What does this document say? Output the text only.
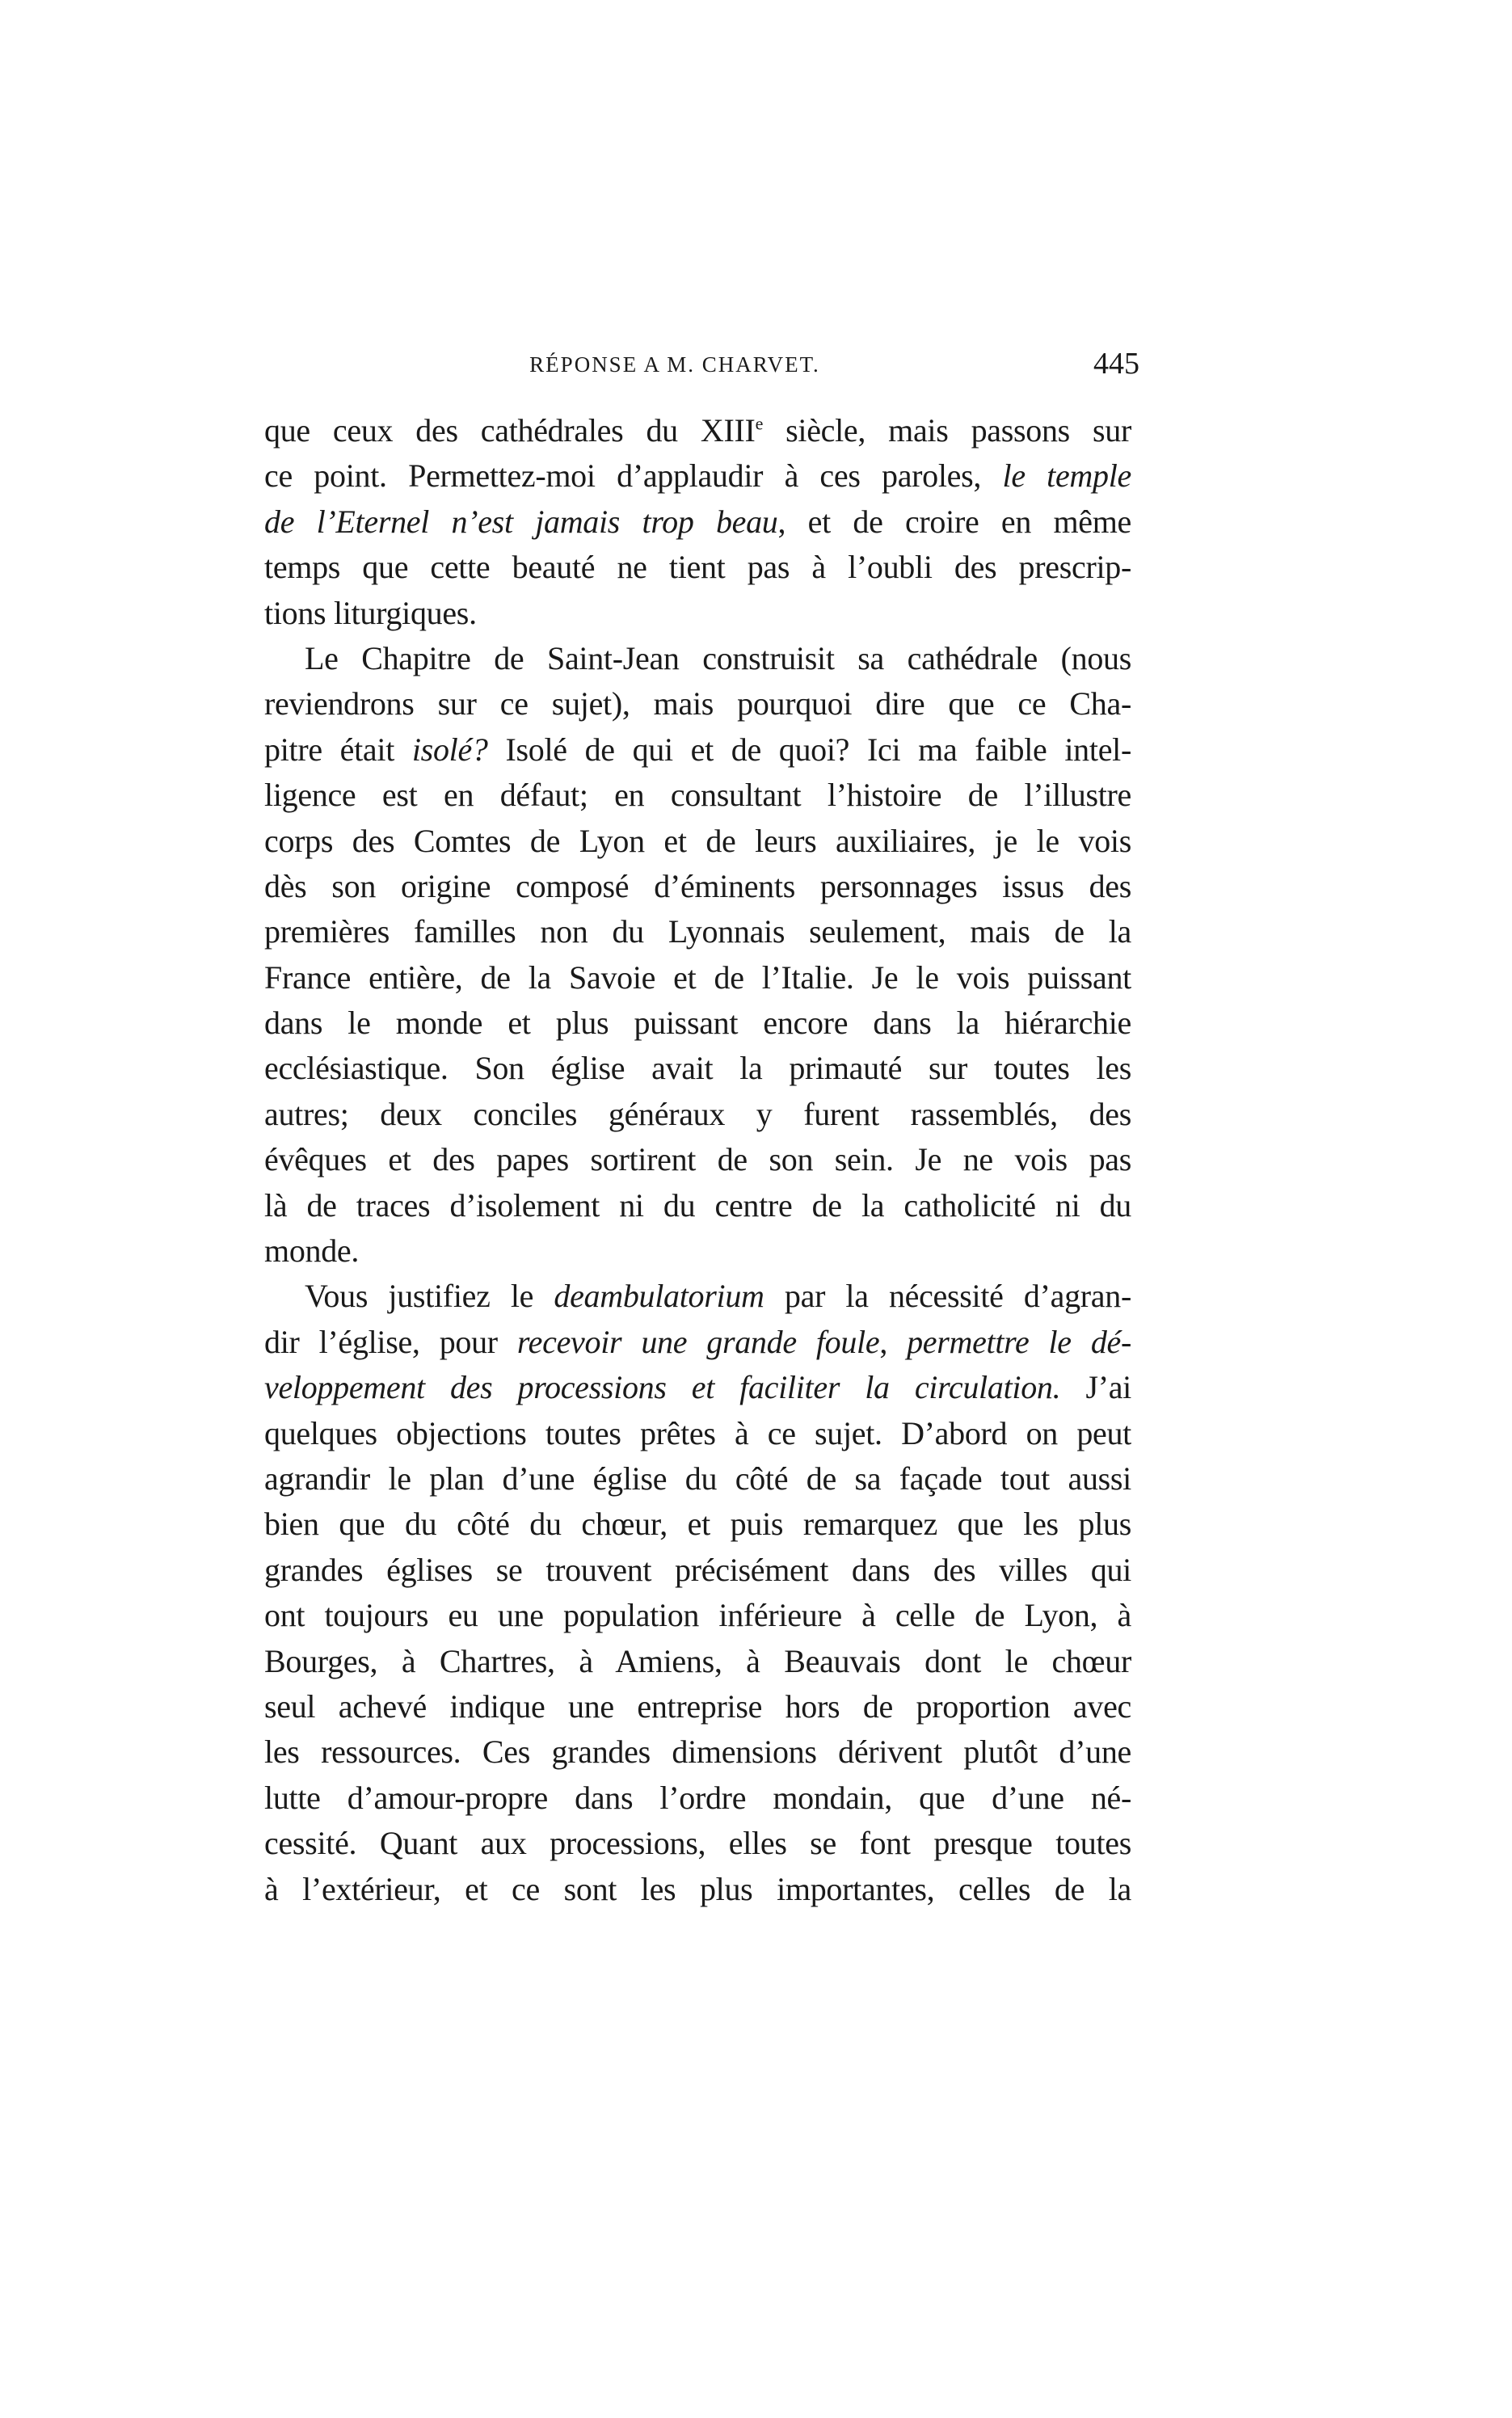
RÉPONSE A M. CHARVET.	445
que ceux des cathédrales du XIIIe siècle, mais passons sur
ce point. Permettez-moi d’applaudir à ces paroles, le temple
de l’Eternel n’est jamais trop beau, et de croire en même
temps que cette beauté ne tient pas à l’oubli des prescrip-
tions liturgiques.
Le Chapitre de Saint-Jean construisit sa cathédrale (nous
reviendrons sur ce sujet), mais pourquoi dire que ce Cha-
pitre était isolé? Isolé de qui et de quoi? Ici ma faible intel-
ligence est en défaut; en consultant l’histoire de l’illustre
corps des Comtes de Lyon et de leurs auxiliaires, je le vois
dès son origine composé d’éminents personnages issus des
premières familles non du Lyonnais seulement, mais de la
France entière, de la Savoie et de l’Italie. Je le vois puissant
dans le monde et plus puissant encore dans la hiérarchie
ecclésiastique. Son église avait la primauté sur toutes les
autres; deux conciles généraux y furent rassemblés, des
évêques et des papes sortirent de son sein. Je ne vois pas
là de traces d’isolement ni du centre de la catholicité ni du
monde.
Vous justifiez le deambulatorium par la nécessité d’agran-
dir l’église, pour recevoir une grande foule, permettre le dé-
veloppement des processions et faciliter la circulation. J’ai
quelques objections toutes prêtes à ce sujet. D’abord on peut
agrandir le plan d’une église du côté de sa façade tout aussi
bien que du côté du chœur, et puis remarquez que les plus
grandes églises se trouvent précisément dans des villes qui
ont toujours eu une population inférieure à celle de Lyon, à
Bourges, à Chartres, à Amiens, à Beauvais dont le chœur
seul achevé indique une entreprise hors de proportion avec
les ressources. Ces grandes dimensions dérivent plutôt d’une
lutte d’amour-propre dans l’ordre mondain, que d’une né-
cessité. Quant aux processions, elles se font presque toutes
à l’extérieur, et ce sont les plus importantes, celles de la
